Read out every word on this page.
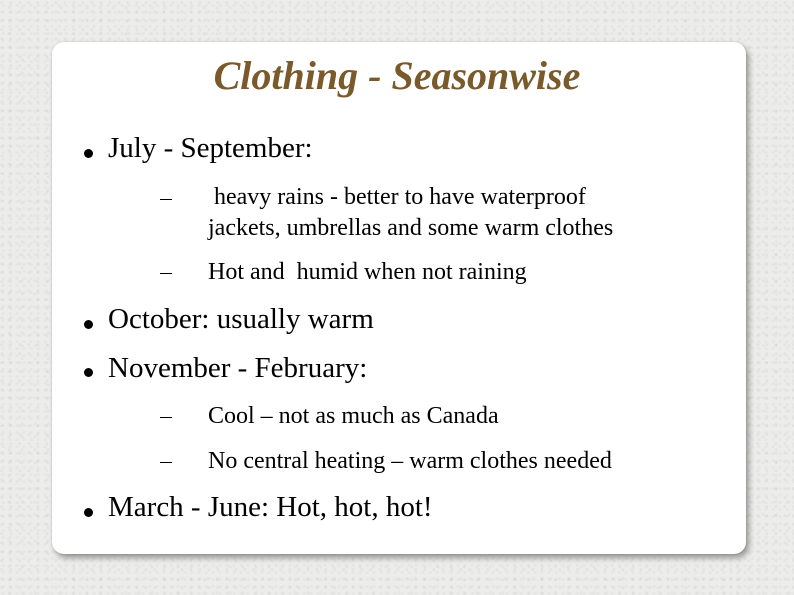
Clothing - Seasonwise
July - September:
heavy rains - better to have waterproof
jackets, umbrellas and some warm clothes
Hot and  humid when not raining
October: usually warm
November - February:
Cool – not as much as Canada
No central heating – warm clothes needed
March - June: Hot, hot, hot!
